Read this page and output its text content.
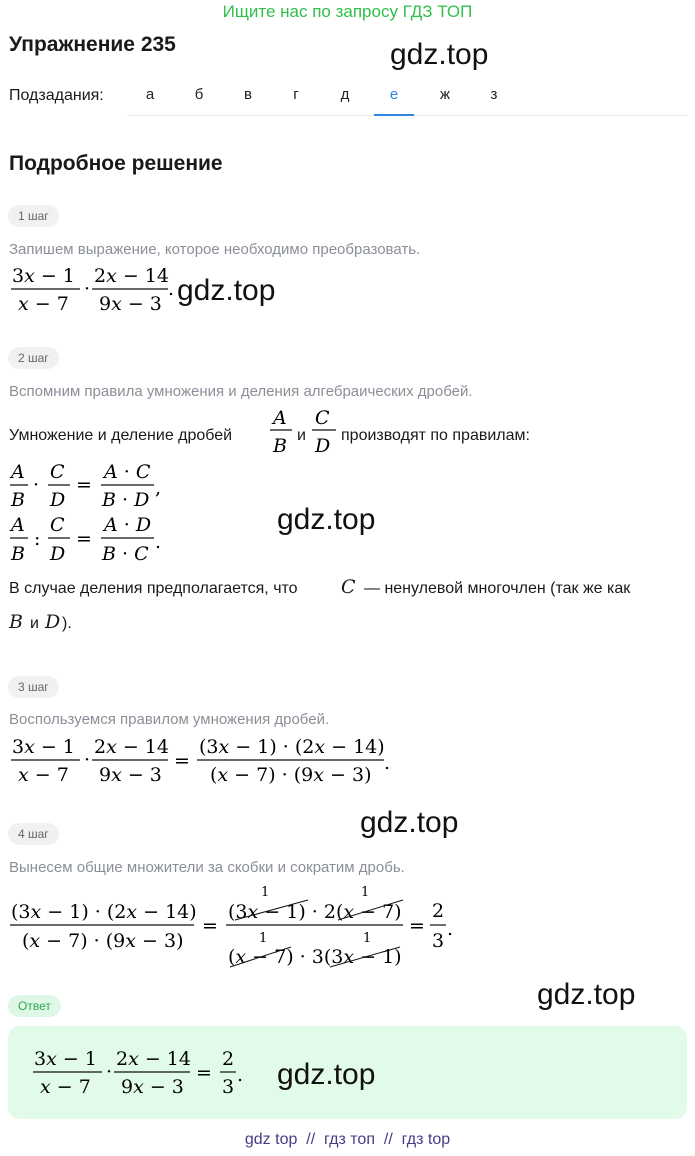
Ищите нас по запросу ГДЗ ТОП
Упражнение 235	gdz.top
Подзадания:	а	б	в	г	д	е	ж	з
Подробное решение
1 шаг
Запишем выражение, которое необходимо преобразовать.
3x − 1
x − 7
·
2x − 14
9x − 3
. gdz.top
2 шаг
Вспомним правила умножения и деления алгебраических дробей.
Умножение и деление дробей
A
B и
C
D производят по правилам:
A
B
·
C
D
=
A · C
B · D
,
A
B
:
C
D
=
A · D
B · C
.
gdz.top
В случае деления предполагается, что C — ненулевой многочлен (так же как
B и D ).
3 шаг
Воспользуемся правилом умножения дробей.
3x − 1
x − 7
·
2x − 14
9x − 3
=
(3x − 1) · (2x − 14)
(x − 7) · (9x − 3)
.
gdz.top
4 шаг
Вынесем общие множители за скобки и сократим дробь.
(3x − 1) · (2x − 14)
(x − 7) · (9x − 3)
=
1	1
(3x − 1) · 2(x − 7)
1	1
(x − 7) · 3(3x − 1)
=
2
3
.
gdz.top
Ответ
3x − 1
x − 7
·
2x − 14
9x − 3
=
2
3
. gdz.top
gdz top  //  гдз топ  //  гдз top
